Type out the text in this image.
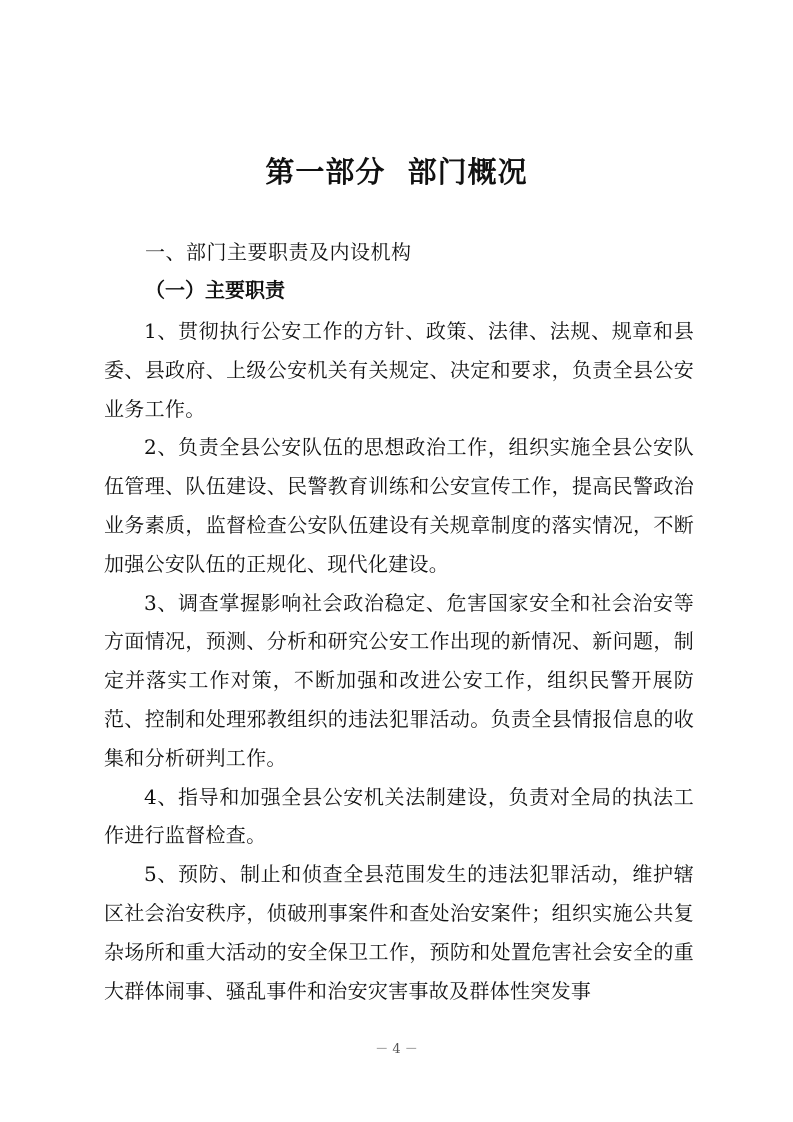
第一部分  部门概况
一、部门主要职责及内设机构
（一）主要职责

1、贯彻执行公安工作的方针、政策、法律、法规、规章和县委、县政府、上级公安机关有关规定、决定和要求，负责全县公安业务工作。

2、负责全县公安队伍的思想政治工作，组织实施全县公安队伍管理、队伍建设、民警教育训练和公安宣传工作，提高民警政治业务素质，监督检查公安队伍建设有关规章制度的落实情况，不断加强公安队伍的正规化、现代化建设。

3、调查掌握影响社会政治稳定、危害国家安全和社会治安等方面情况，预测、分析和研究公安工作出现的新情况、新问题，制定并落实工作对策，不断加强和改进公安工作，组织民警开展防范、控制和处理邪教组织的违法犯罪活动。负责全县情报信息的收集和分析研判工作。

4、指导和加强全县公安机关法制建设，负责对全局的执法工作进行监督检查。

5、预防、制止和侦查全县范围发生的违法犯罪活动，维护辖区社会治安秩序，侦破刑事案件和查处治安案件；组织实施公共复杂场所和重大活动的安全保卫工作，预防和处置危害社会安全的重大群体闹事、骚乱事件和治安灾害事故及群体性突发事

－ 4 －
